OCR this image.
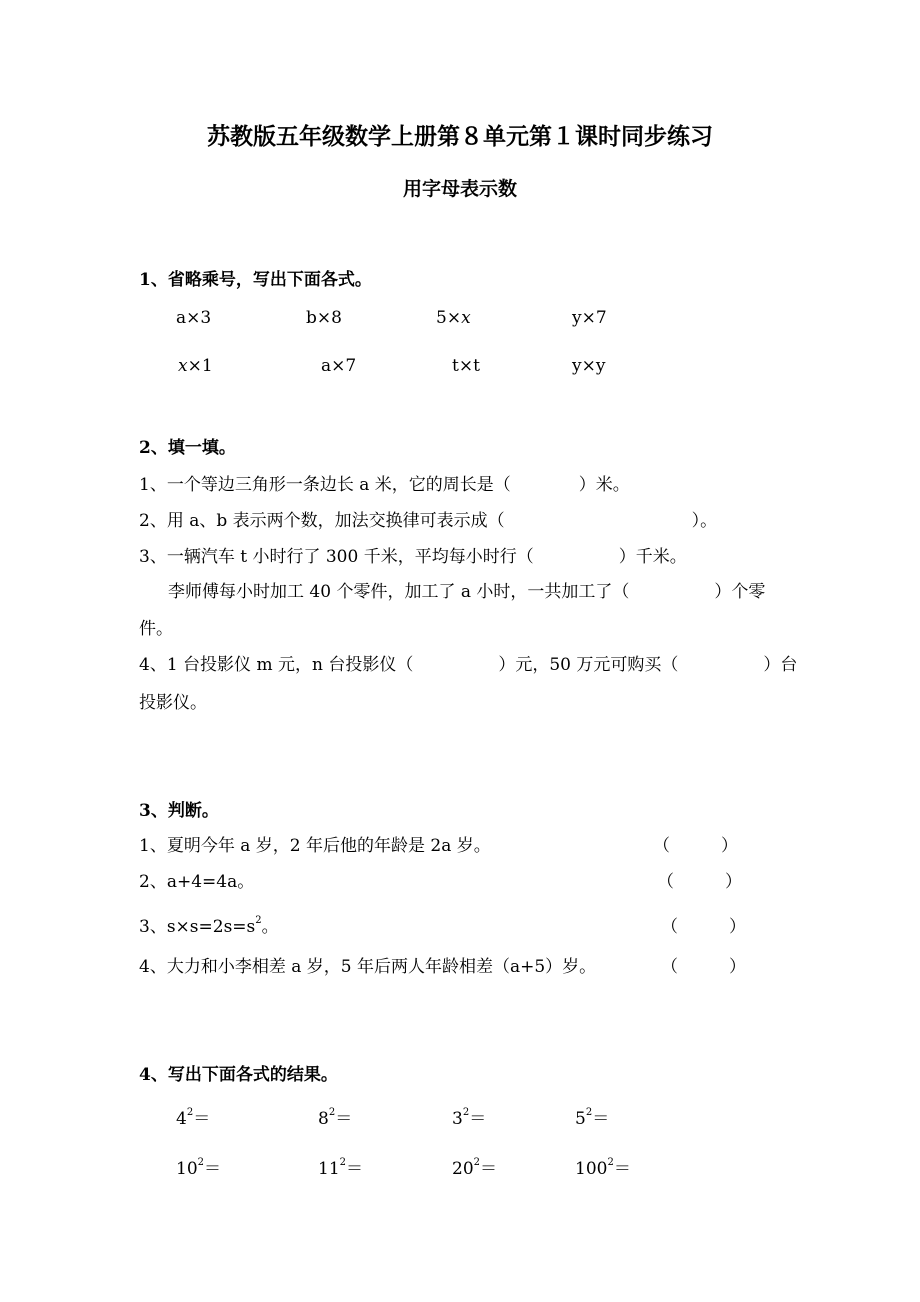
苏教版五年级数学上册第８单元第１课时同步练习
用字母表示数
1、省略乘号，写出下面各式。
a×3	b×8	5×x	y×7
x×1	a×7	t×t	y×y
2、填一填。
1、一个等边三角形一条边长 a 米，它的周长是（　　　　）米。
2、用 a、b 表示两个数，加法交换律可表示成（　　　　　　　　　　　）。
3、一辆汽车 t 小时行了 300 千米，平均每小时行（　　　　　）千米。
李师傅每小时加工 40 个零件，加工了 a 小时，一共加工了（　　　　　）个零
件。
4、1 台投影仪 m 元，n 台投影仪（　　　　　）元，50 万元可购买（　　　　　）台
投影仪。
3、判断。
1、夏明今年 a 岁，2 年后他的年龄是 2a 岁。	（　　　）
2、a+4=4a。	（　　　）
3、$s\times s=2s=s^2$。	（　　　）
4、大力和小李相差 a 岁，5 年后两人年龄相差（a+5）岁。	（　　　）
4、写出下面各式的结果。
$4^2=$	$8^2=$	$3^2=$	$5^2=$
$10^2=$	$11^2=$	$20^2=$	$100^2=$
